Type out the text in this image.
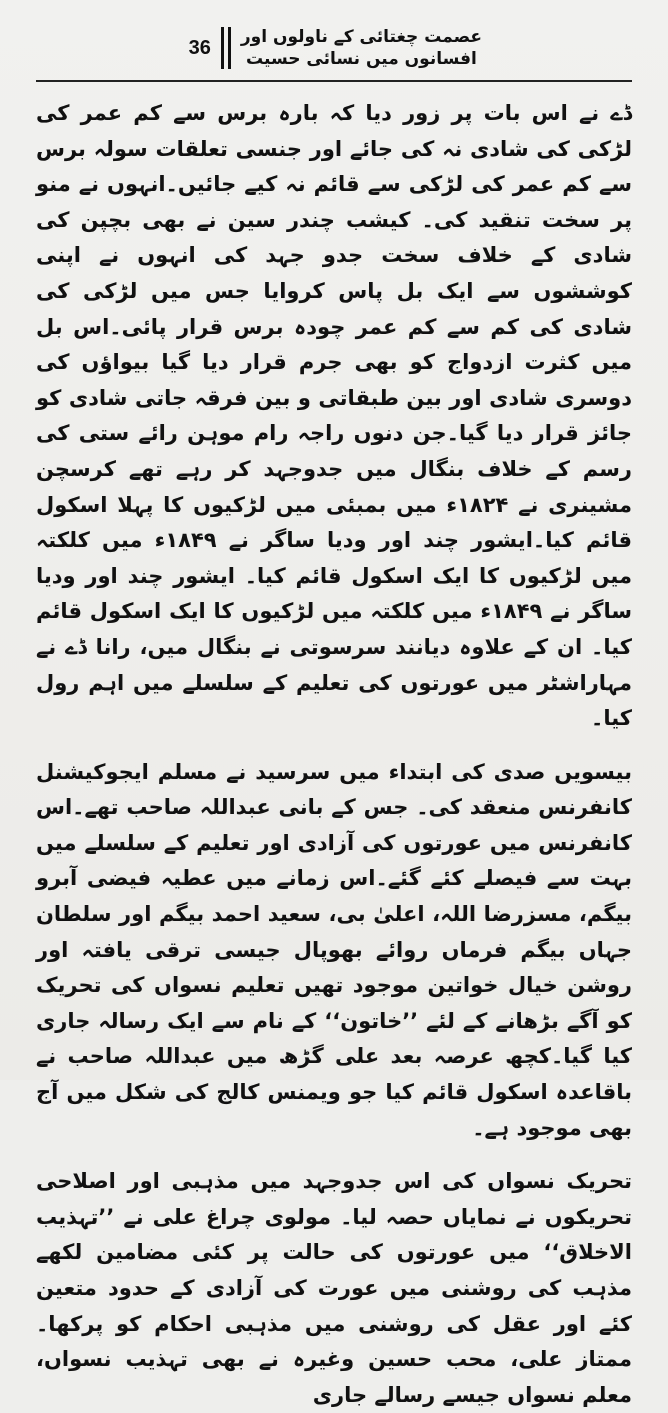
عصمت چغتائی کے ناولوں اور
افسانوں میں نسائی حسیت
36

ڈے نے اس بات پر زور دیا کہ بارہ برس سے کم عمر کی لڑکی کی شادی نہ کی جائے اور جنسی تعلقات سولہ برس سے کم عمر کی لڑکی سے قائم نہ کیے جائیں۔انہوں نے منو پر سخت تنقید کی۔ کیشب چندر سین نے بھی بچپن کی شادی کے خلاف سخت جدو جہد کی انہوں نے اپنی کوششوں سے ایک بل پاس کروایا جس میں لڑکی کی شادی کی کم سے کم عمر چودہ برس قرار پائی۔اس بل میں کثرت ازدواج کو بھی جرم قرار دیا گیا بیواؤں کی دوسری شادی اور بین طبقاتی و بین فرقہ جاتی شادی کو جائز قرار دیا گیا۔جن دنوں راجہ رام موہن رائے ستی کی رسم کے خلاف بنگال میں جدوجہد کر رہے تھے کرسچن مشینری نے ۱۸۲۴ء میں بمبئی میں لڑکیوں کا پہلا اسکول قائم کیا۔ایشور چند اور ودیا ساگر نے ۱۸۴۹ء میں کلکتہ میں لڑکیوں کا ایک اسکول قائم کیا۔ ایشور چند اور ودیا ساگر نے ۱۸۴۹ء میں کلکتہ میں لڑکیوں کا ایک اسکول قائم کیا۔ ان کے علاوہ دیانند سرسوتی نے بنگال میں، رانا ڈے نے مہاراشٹر میں عورتوں کی تعلیم کے سلسلے میں اہم رول کیا۔

بیسویں صدی کی ابتداء میں سرسید نے مسلم ایجوکیشنل کانفرنس منعقد کی۔ جس کے بانی عبداللہ صاحب تھے۔اس کانفرنس میں عورتوں کی آزادی اور تعلیم کے سلسلے میں بہت سے فیصلے کئے گئے۔اس زمانے میں عطیہ فیضی آبرو بیگم، مسزرضا اللہ، اعلیٰ بی، سعید احمد بیگم اور سلطان جہاں بیگم فرماں روائے بھوپال جیسی ترقی یافتہ اور روشن خیال خواتین موجود تھیں تعلیم نسواں کی تحریک کو آگے بڑھانے کے لئے ’’خاتون‘‘ کے نام سے ایک رسالہ جاری کیا گیا۔کچھ عرصہ بعد علی گڑھ میں عبداللہ صاحب نے باقاعدہ اسکول قائم کیا جو ویمنس کالج کی شکل میں آج بھی موجود ہے۔

تحریک نسواں کی اس جدوجہد میں مذہبی اور اصلاحی تحریکوں نے نمایاں حصہ لیا۔ مولوی چراغ علی نے ’’تہذیب الاخلاق‘‘ میں عورتوں کی حالت پر کئی مضامین لکھے مذہب کی روشنی میں عورت کی آزادی کے حدود متعین کئے اور عقل کی روشنی میں مذہبی احکام کو پرکھا۔ممتاز علی، محب حسین وغیرہ نے بھی تہذیب نسواں، معلم نسواں جیسے رسالے جاری
